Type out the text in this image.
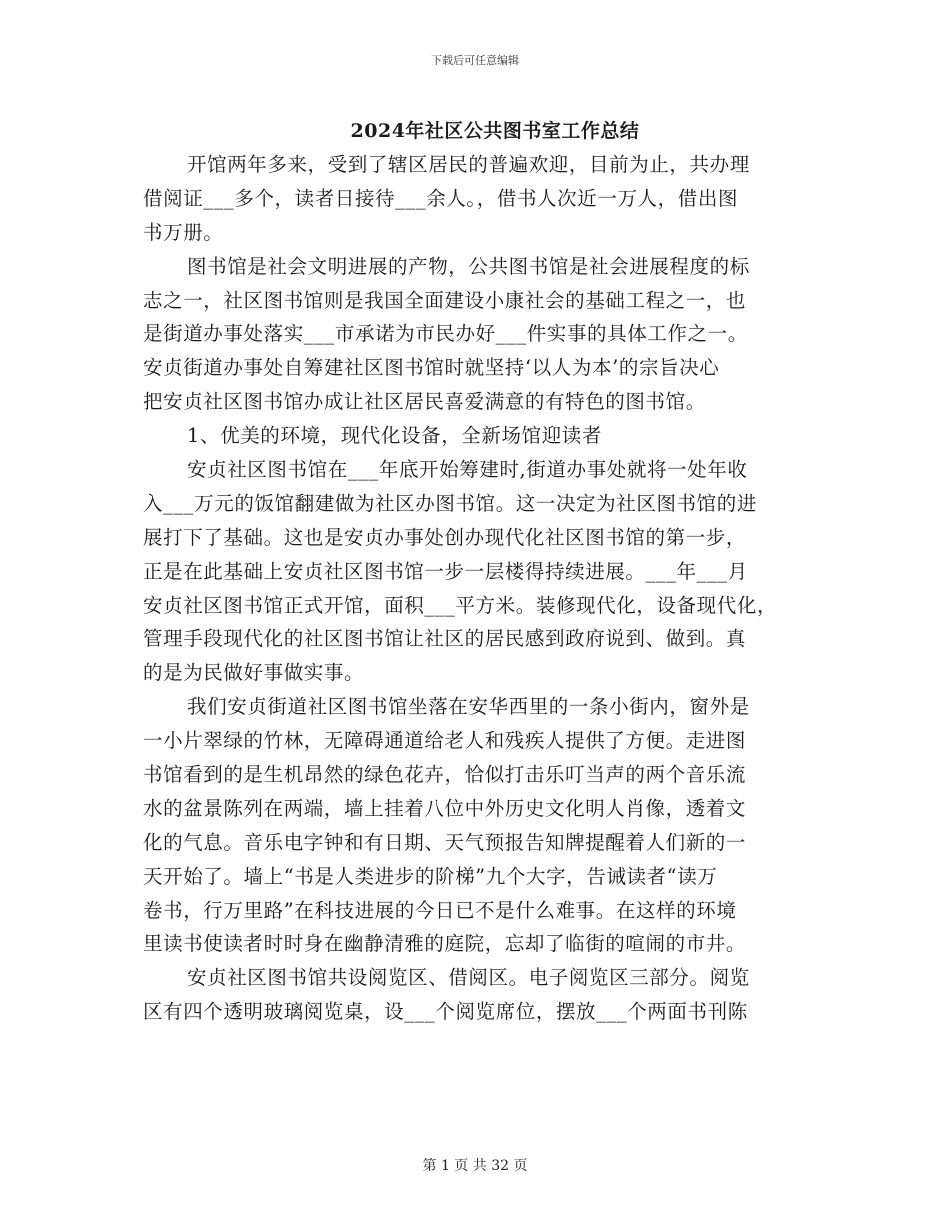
下载后可任意编辑
2024年社区公共图书室工作总结
开馆两年多来，受到了辖区居民的普遍欢迎，目前为止，共办理
借阅证___多个，读者日接待___余人。，借书人次近一万人，借出图
书万册。
图书馆是社会文明进展的产物，公共图书馆是社会进展程度的标
志之一，社区图书馆则是我国全面建设小康社会的基础工程之一，也
是街道办事处落实___市承诺为市民办好___件实事的具体工作之一。
安贞街道办事处自筹建社区图书馆时就坚持‘以人为本’的宗旨决心
把安贞社区图书馆办成让社区居民喜爱满意的有特色的图书馆。
1、优美的环境，现代化设备，全新场馆迎读者
安贞社区图书馆在___年底开始筹建时,街道办事处就将一处年收
入___万元的饭馆翻建做为社区办图书馆。这一决定为社区图书馆的进
展打下了基础。这也是安贞办事处创办现代化社区图书馆的第一步，
正是在此基础上安贞社区图书馆一步一层楼得持续进展。___年___月
安贞社区图书馆正式开馆，面积___平方米。装修现代化，设备现代化，
管理手段现代化的社区图书馆让社区的居民感到政府说到、做到。真
的是为民做好事做实事。
我们安贞街道社区图书馆坐落在安华西里的一条小街内，窗外是
一小片翠绿的竹林，无障碍通道给老人和残疾人提供了方便。走进图
书馆看到的是生机昂然的绿色花卉，恰似打击乐叮当声的两个音乐流
水的盆景陈列在两端，墙上挂着八位中外历史文化明人肖像，透着文
化的气息。音乐电字钟和有日期、天气预报告知牌提醒着人们新的一
天开始了。墙上“书是人类进步的阶梯”九个大字，告诫读者“读万
卷书，行万里路”在科技进展的今日已不是什么难事。在这样的环境
里读书使读者时时身在幽静清雅的庭院，忘却了临街的喧闹的市井。
安贞社区图书馆共设阅览区、借阅区。电子阅览区三部分。阅览
区有四个透明玻璃阅览桌，设___个阅览席位，摆放___个两面书刊陈
第 1 页 共 32 页
